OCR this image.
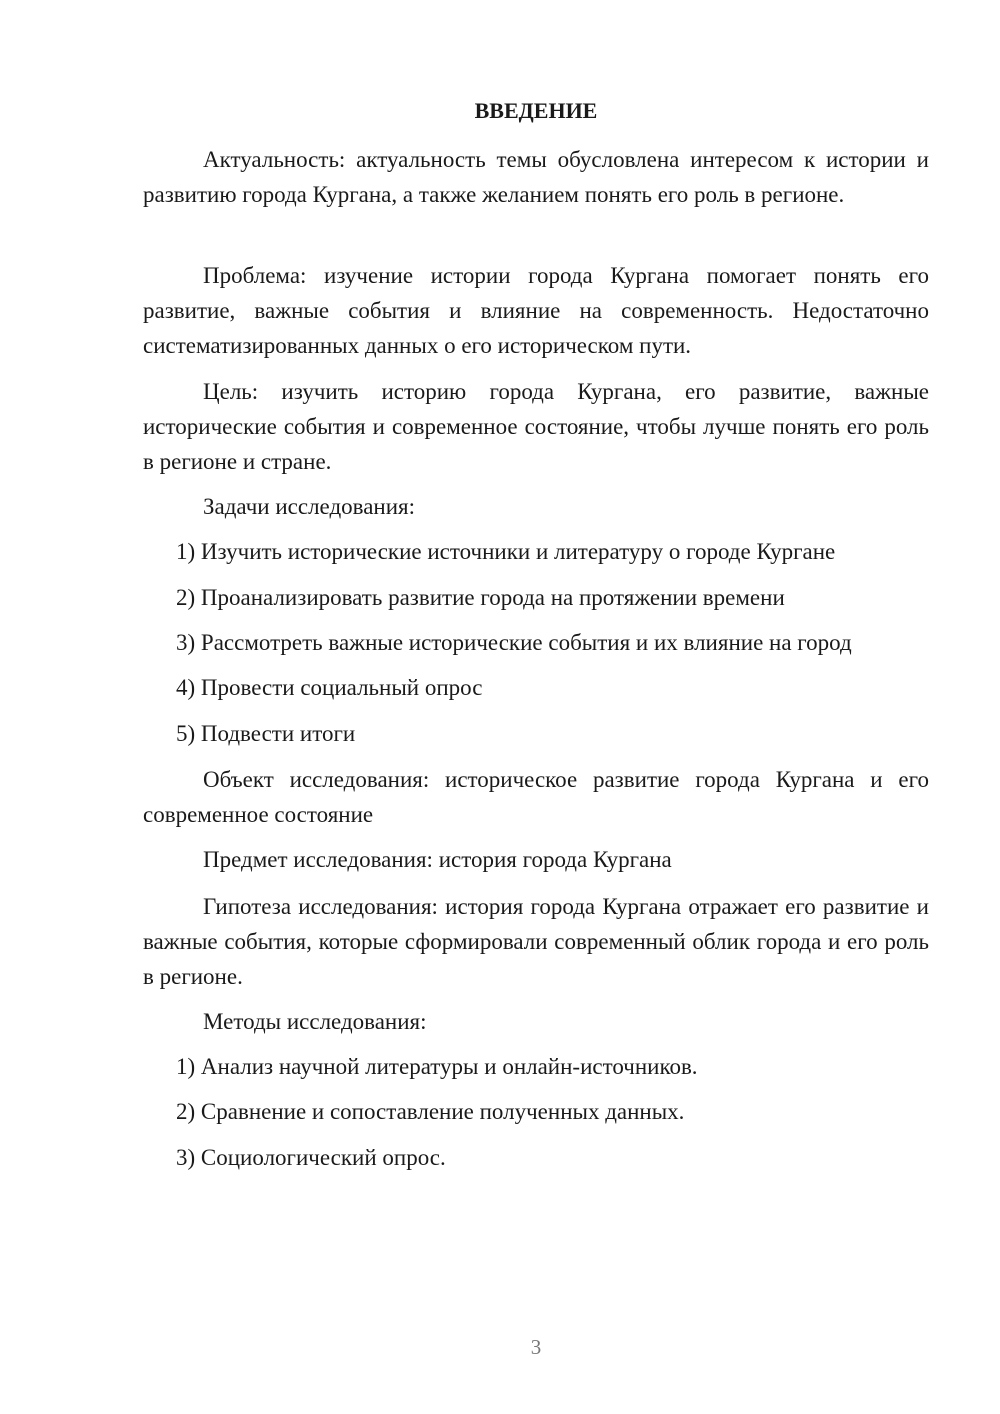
ВВЕДЕНИЕ

Актуальность: актуальность темы обусловлена интересом к истории и развитию города Кургана, а также желанием понять его роль в регионе.

Проблема: изучение истории города Кургана помогает понять его развитие, важные события и влияние на современность. Недостаточно систематизированных данных о его историческом пути.

Цель: изучить историю города Кургана, его развитие, важные исторические события и современное состояние, чтобы лучше понять его роль в регионе и стране.

Задачи исследования:

1) Изучить исторические источники и литературу о городе Кургане

2) Проанализировать развитие города на протяжении времени

3) Рассмотреть важные исторические события и их влияние на город

4) Провести социальный опрос

5) Подвести итоги

Объект исследования: историческое развитие города Кургана и его современное состояние

Предмет исследования: история города Кургана

Гипотеза исследования: история города Кургана отражает его развитие и важные события, которые сформировали современный облик города и его роль в регионе.

Методы исследования:

1) Анализ научной литературы и онлайн-источников.

2) Сравнение и сопоставление полученных данных.

3) Социологический опрос.

3
